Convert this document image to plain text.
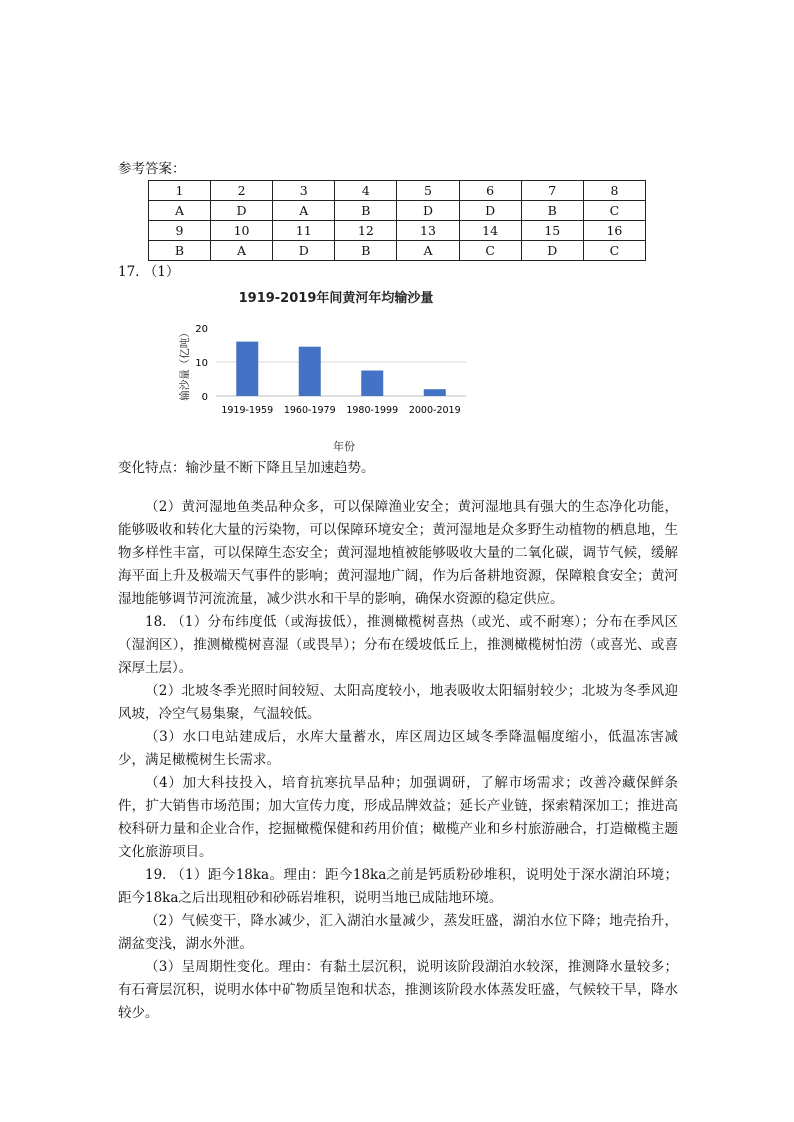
参考答案：
1	2	3	4	5	6	7	8
A	D	A	B	D	D	B	C
9	10	11	12	13	14	15	16
B	A	D	B	A	C	D	C
17. （1）
1919-2019年间黄河年均输沙量
0
10
20
1919-1959 1960-1979 1980-1999 2000-2019
输沙量（亿吨）
年份
变化特点：输沙量不断下降且呈加速趋势。

（2）黄河湿地鱼类品种众多，可以保障渔业安全；黄河湿地具有强大的生态净化功能，能够吸收和转化大量的污染物，可以保障环境安全；黄河湿地是众多野生动植物的栖息地，生物多样性丰富，可以保障生态安全；黄河湿地植被能够吸收大量的二氧化碳，调节气候，缓解海平面上升及极端天气事件的影响；黄河湿地广阔，作为后备耕地资源，保障粮食安全；黄河湿地能够调节河流流量，减少洪水和干旱的影响，确保水资源的稳定供应。

18. （1）分布纬度低（或海拔低），推测橄榄树喜热（或光、或不耐寒）；分布在季风区（湿润区），推测橄榄树喜湿（或畏旱）；分布在缓坡低丘上，推测橄榄树怕涝（或喜光、或喜深厚土层）。

（2）北坡冬季光照时间较短、太阳高度较小，地表吸收太阳辐射较少；北坡为冬季风迎风坡，冷空气易集聚，气温较低。

（3）水口电站建成后，水库大量蓄水，库区周边区域冬季降温幅度缩小，低温冻害减少，满足橄榄树生长需求。

（4）加大科技投入，培育抗寒抗旱品种；加强调研，了解市场需求；改善冷藏保鲜条件，扩大销售市场范围；加大宣传力度，形成品牌效益；延长产业链，探索精深加工；推进高校科研力量和企业合作，挖掘橄榄保健和药用价值；橄榄产业和乡村旅游融合，打造橄榄主题文化旅游项目。

19. （1）距今18ka。理由：距今18ka之前是钙质粉砂堆积，说明处于深水湖泊环境；距今18ka之后出现粗砂和砂砾岩堆积，说明当地已成陆地环境。

（2）气候变干，降水减少，汇入湖泊水量减少，蒸发旺盛，湖泊水位下降；地壳抬升，湖盆变浅，湖水外泄。

（3）呈周期性变化。理由：有黏土层沉积，说明该阶段湖泊水较深，推测降水量较多；有石膏层沉积，说明水体中矿物质呈饱和状态，推测该阶段水体蒸发旺盛，气候较干旱，降水较少。
